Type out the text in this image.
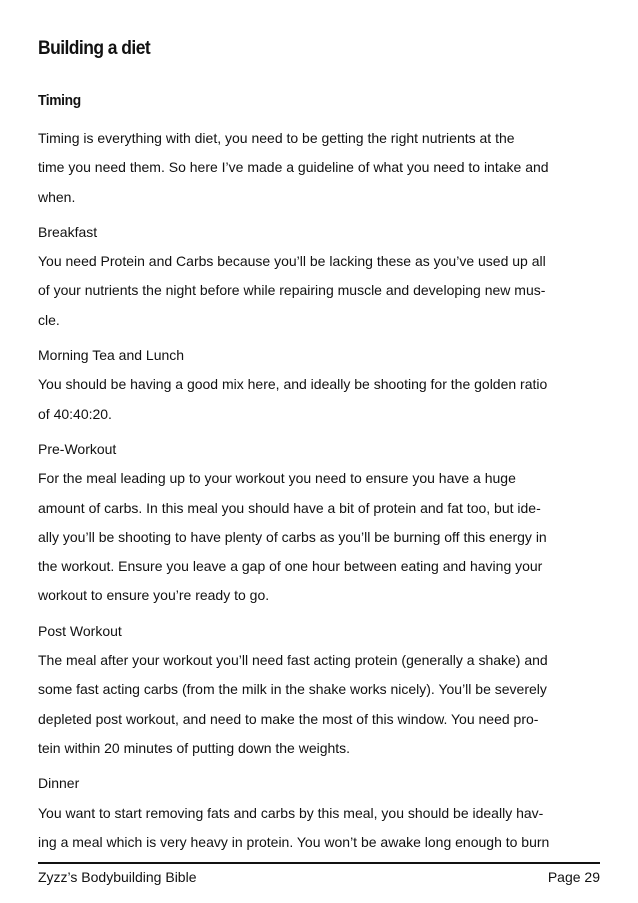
Building a diet
Timing

Timing is everything with diet, you need to be getting the right nutrients at the
time you need them. So here I’ve made a guideline of what you need to intake and
when.

Breakfast
You need Protein and Carbs because you’ll be lacking these as you’ve used up all
of your nutrients the night before while repairing muscle and developing new mus-
cle.

Morning Tea and Lunch
You should be having a good mix here, and ideally be shooting for the golden ratio
of 40:40:20.

Pre-Workout
For the meal leading up to your workout you need to ensure you have a huge
amount of carbs. In this meal you should have a bit of protein and fat too, but ide-
ally you’ll be shooting to have plenty of carbs as you’ll be burning off this energy in
the workout. Ensure you leave a gap of one hour between eating and having your
workout to ensure you’re ready to go.

Post Workout
The meal after your workout you’ll need fast acting protein (generally a shake) and
some fast acting carbs (from the milk in the shake works nicely). You’ll be severely
depleted post workout, and need to make the most of this window. You need pro-
tein within 20 minutes of putting down the weights.

Dinner
You want to start removing fats and carbs by this meal, you should be ideally hav-
ing a meal which is very heavy in protein. You won’t be awake long enough to burn

Zyzz’s Bodybuilding Bible	Page 29
